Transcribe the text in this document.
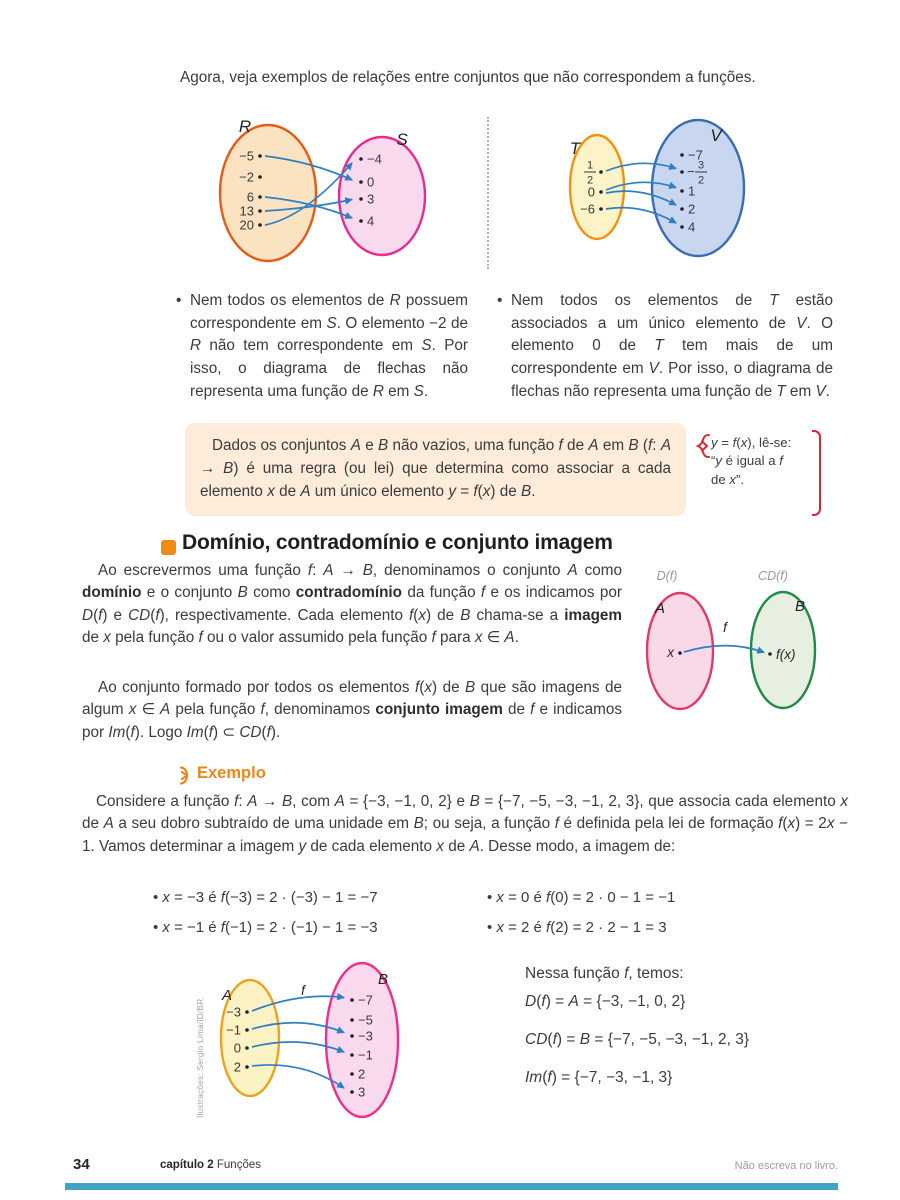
Agora, veja exemplos de relações entre conjuntos que não correspondem a funções.
R
S
−5
−2
6
13
20
−4
0
3
4
T
V
1
2
0
−6
−7
− 3
2
1
2
4
• Nem todos os elementos de R possuem correspondente em S. O elemento −2 de R não tem correspondente em S. Por isso, o diagrama de flechas não representa uma função de R em S.
• Nem todos os elementos de T estão associados a um único elemento de V. O elemento 0 de T tem mais de um correspondente em V. Por isso, o diagrama de flechas não representa uma função de T em V.
Dados os conjuntos A e B não vazios, uma função f de A em B (f: A → B) é uma regra (ou lei) que determina como associar a cada elemento x de A um único elemento y = f(x) de B.
y = f(x), lê-se:
“y é igual a f
de x”.
Domínio, contradomínio e conjunto imagem
Ao escrevermos uma função f: A → B, denominamos o conjunto A como domínio e o conjunto B como contradomínio da função f e os indicamos por D(f) e CD(f), respectivamente. Cada elemento f(x) de B chama-se a imagem de x pela função f ou o valor assumido pela função f para x ∈ A.
Ao conjunto formado por todos os elementos f(x) de B que são imagens de algum x ∈ A pela função f, denominamos conjunto imagem de f e indicamos por Im(f). Logo Im(f) ⊂ CD(f).
D(f)	CD(f)
A	B
x	f(x)
f
Exemplo
Considere a função f: A → B, com A = {−3, −1, 0, 2} e B = {−7, −5, −3, −1, 2, 3}, que associa cada elemento x de A a seu dobro subtraído de uma unidade em B; ou seja, a função f é definida pela lei de formação f(x) = 2x − 1. Vamos determinar a imagem y de cada elemento x de A. Desse modo, a imagem de:
• x = −3 é f(−3) = 2 · (−3) − 1 = −7
• x = −1 é f(−1) = 2 · (−1) − 1 = −3
• x = 0 é f(0) = 2 · 0 − 1 = −1
• x = 2 é f(2) = 2 · 2 − 1 = 3
Ilustrações: Sergio Lima/ID/BR
A
B
f
−3
−1
0
2
−7
−5
−3
−1
2
3
Nessa função f, temos:
D(f) = A = {−3, −1, 0, 2}
CD(f) = B = {−7, −5, −3, −1, 2, 3}
Im(f) = {−7, −3, −1, 3}
34	capítulo 2 Funções	Não escreva no livro.
